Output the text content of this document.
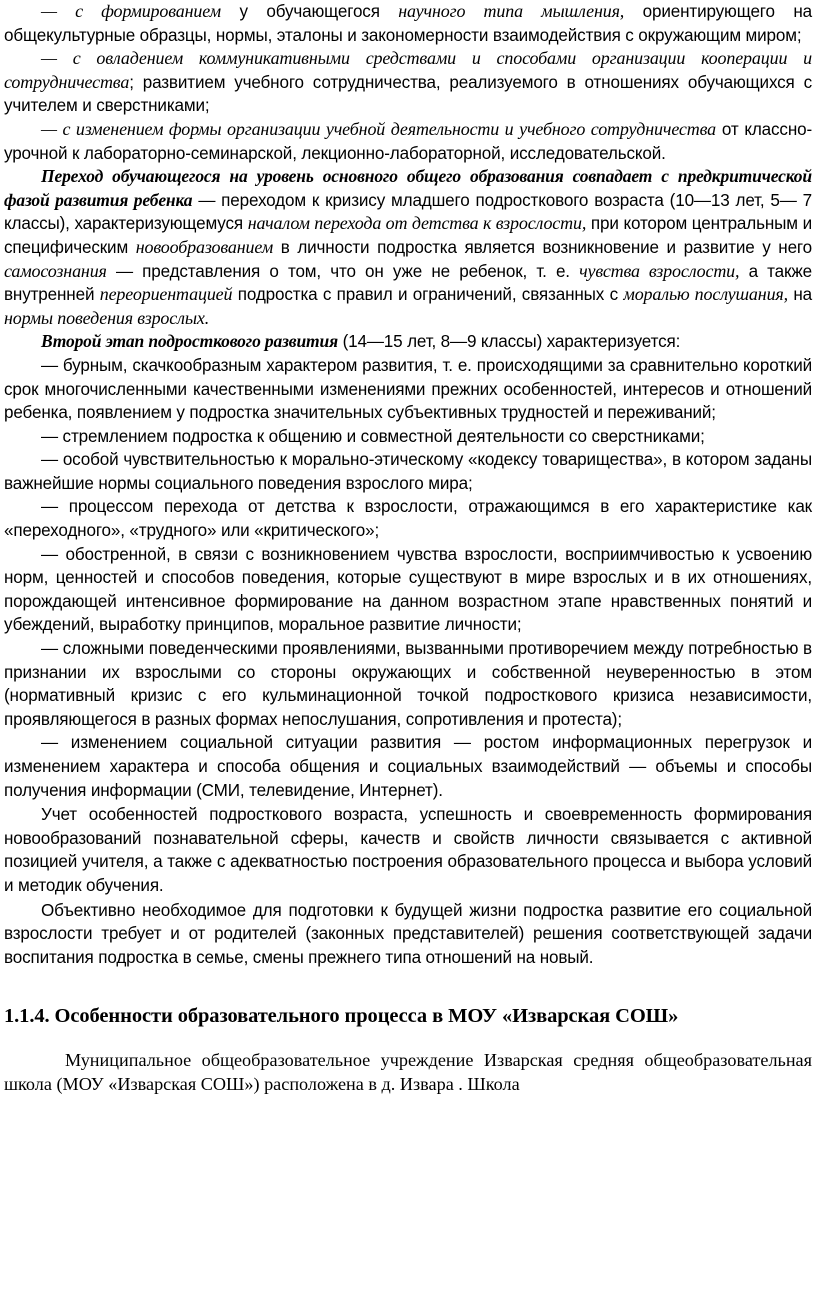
— с формированием у обучающегося научного типа мышления, ориентирующего на общекультурные образцы, нормы, эталоны и закономерности взаимодействия с окружающим миром;

— с овладением коммуникативными средствами и способами организации кооперации и сотрудничества; развитием учебного сотрудничества, реализуемого в отношениях обучающихся с учителем и сверстниками;

— с изменением формы организации учебной деятельности и учебного сотрудничества от классно-урочной к лабораторно-семинарской, лекционно-лабораторной, исследовательской.

Переход обучающегося на уровень основного общего образования совпадает с предкритической фазой развития ребенка — переходом к кризису младшего подросткового возраста (10—13 лет, 5— 7 классы), характеризующемуся началом перехода от детства к взрослости, при котором центральным и специфическим новообразованием в личности подростка является возникновение и развитие у него самосознания — представления о том, что он уже не ребенок, т. е. чувства взрослости, а также внутренней переориентацией подростка с правил и ограничений, связанных с моралью послушания, на нормы поведения взрослых.

Второй этап подросткового развития (14—15 лет, 8—9 классы) характеризуется:

— бурным, скачкообразным характером развития, т. е. происходящими за сравнительно короткий срок многочисленными качественными изменениями прежних особенностей, интересов и отношений ребенка, появлением у подростка значительных субъективных трудностей и переживаний;

— стремлением подростка к общению и совместной деятельности со сверстниками;

— особой чувствительностью к морально-этическому «кодексу товарищества», в котором заданы важнейшие нормы социального поведения взрослого мира;

— процессом перехода от детства к взрослости, отражающимся в его характеристике как «переходного», «трудного» или «критического»;

— обостренной, в связи с возникновением чувства взрослости, восприимчивостью к усвоению норм, ценностей и способов поведения, которые существуют в мире взрослых и в их отношениях, порождающей интенсивное формирование на данном возрастном этапе нравственных понятий и убеждений, выработку принципов, моральное развитие личности;

— сложными поведенческими проявлениями, вызванными противоречием между потребностью в признании их взрослыми со стороны окружающих и собственной неуверенностью в этом (нормативный кризис с его кульминационной точкой подросткового кризиса независимости, проявляющегося в разных формах непослушания, сопротивления и протеста);

— изменением социальной ситуации развития — ростом информационных перегрузок и изменением характера и способа общения и социальных взаимодействий — объемы и способы получения информации (СМИ, телевидение, Интернет).

Учет особенностей подросткового возраста, успешность и своевременность формирования новообразований познавательной сферы, качеств и свойств личности связывается с активной позицией учителя, а также с адекватностью построения образовательного процесса и выбора условий и методик обучения.

Объективно необходимое для подготовки к будущей жизни подростка развитие его социальной взрослости требует и от родителей (законных представителей) решения соответствующей задачи воспитания подростка в семье, смены прежнего типа отношений на новый.

1.1.4. Особенности образовательного процесса в МОУ «Изварская СОШ»

Муниципальное общеобразовательное учреждение Изварская средняя общеобразовательная школа (МОУ «Изварская СОШ») расположена в д. Извара . Школа
